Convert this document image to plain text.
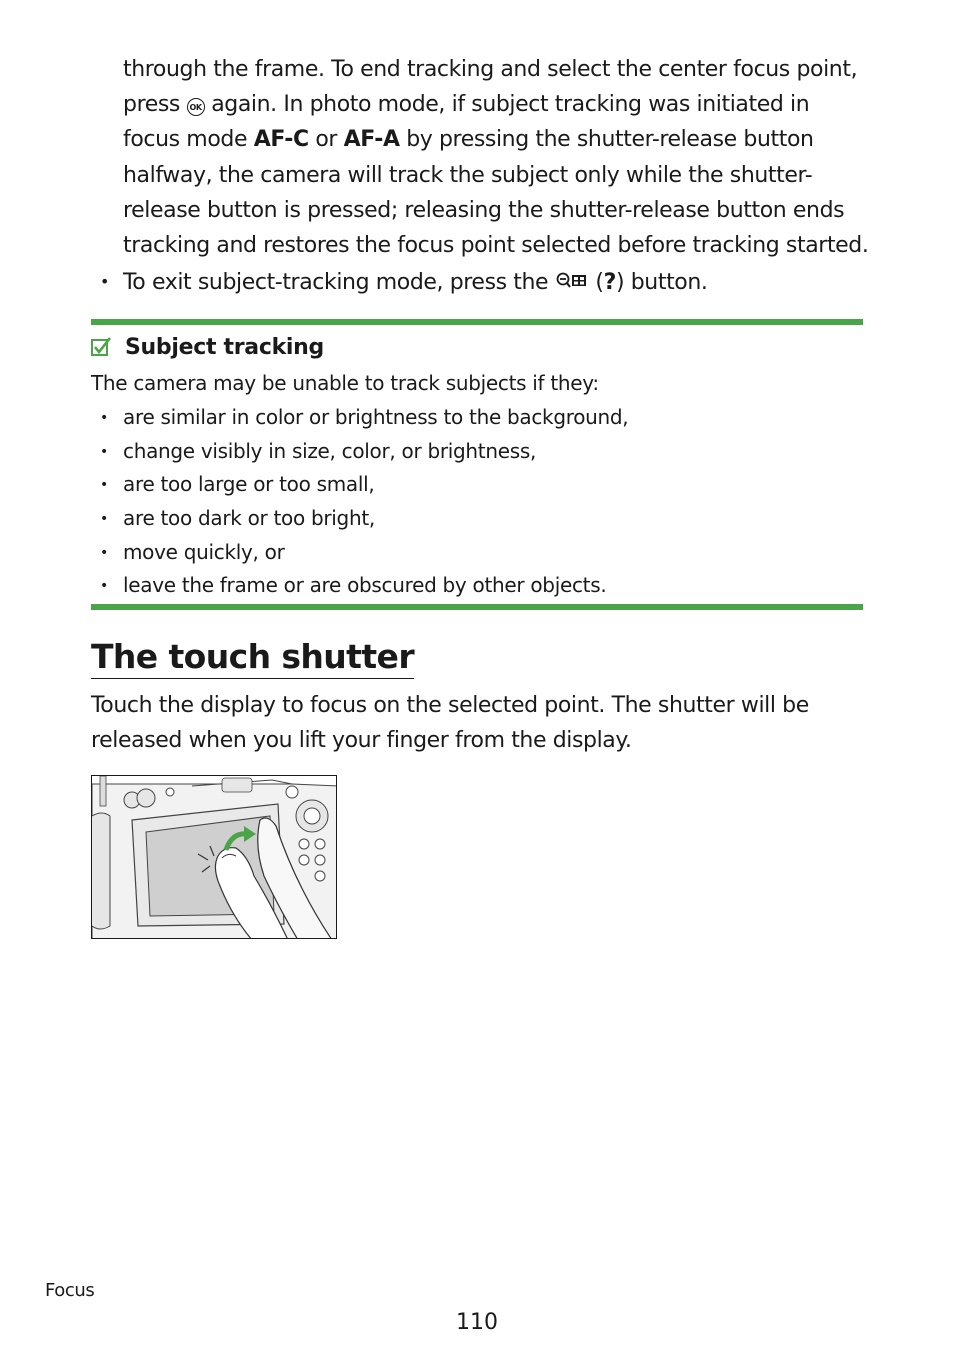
through the frame. To end tracking and select the center focus point,
press OK again. In photo mode, if subject tracking was initiated in
focus mode AF-C or AF-A by pressing the shutter-release button
halfway, the camera will track the subject only while the shutter-
release button is pressed; releasing the shutter-release button ends
tracking and restores the focus point selected before tracking started.
• To exit subject-tracking mode, press the (?) button.
Subject tracking
The camera may be unable to track subjects if they:
• are similar in color or brightness to the background,
• change visibly in size, color, or brightness,
• are too large or too small,
• are too dark or too bright,
• move quickly, or
• leave the frame or are obscured by other objects.
The touch shutter
Touch the display to focus on the selected point. The shutter will be
released when you lift your finger from the display.
Focus
110
